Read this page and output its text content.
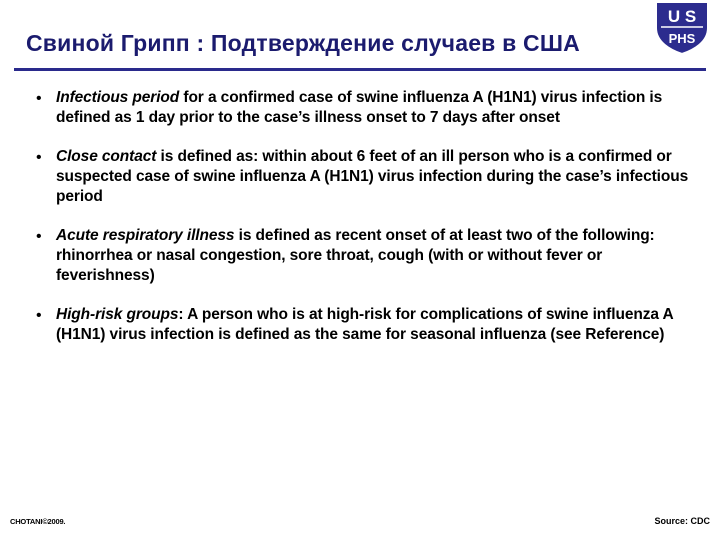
U S
PHS
Свиной Грипп : Подтверждение случаев в США
• Infectious period for a confirmed case of swine influenza A (H1N1) virus infection is defined as 1 day prior to the case’s illness onset to 7 days after onset
• Close contact is defined as: within about 6 feet of an ill person who is a confirmed or suspected case of swine influenza A (H1N1) virus infection during the case’s infectious period
• Acute respiratory illness is defined as recent onset of at least two of the following: rhinorrhea or nasal congestion, sore throat, cough (with or without fever or feverishness)
• High-risk groups: A person who is at high-risk for complications of swine influenza A (H1N1) virus infection is defined as the same for seasonal influenza (see Reference)
CHOTANI©2009.	Source: CDC
